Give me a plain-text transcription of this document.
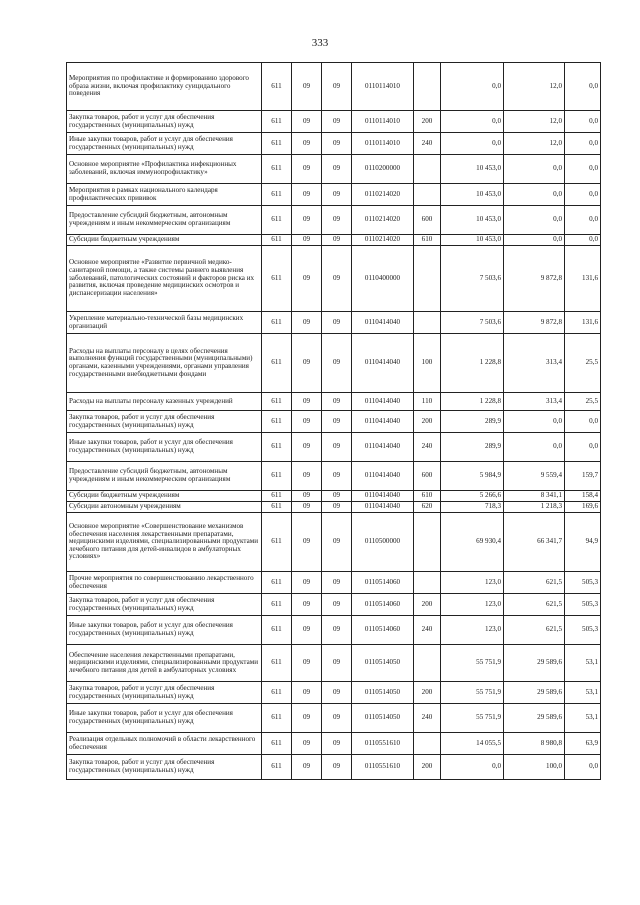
333
Мероприятия по профилактике и формированию здорового образа жизни, включая профилактику суицидального поведения	611	09	09	0110114010		0,0	12,0	0,0
Закупка товаров, работ и услуг для обеспечения государственных (муниципальных) нужд	611	09	09	0110114010	200	0,0	12,0	0,0
Иные закупки товаров, работ и услуг для обеспечения государственных (муниципальных) нужд	611	09	09	0110114010	240	0,0	12,0	0,0
Основное мероприятие «Профилактика инфекционных заболеваний, включая иммунопрофилактику»	611	09	09	0110200000		10 453,0	0,0	0,0
Мероприятия в рамках национального календаря профилактических прививок	611	09	09	0110214020		10 453,0	0,0	0,0
Предоставление субсидий бюджетным, автономным учреждениям и иным некоммерческим организациям	611	09	09	0110214020	600	10 453,0	0,0	0,0
Субсидии бюджетным учреждениям	611	09	09	0110214020	610	10 453,0	0,0	0,0
Основное мероприятие «Развитие первичной медико-санитарной помощи, а также системы раннего выявления заболеваний, патологических состояний и факторов риска их развития, включая проведение медицинских осмотров и диспансеризации населения»	611	09	09	0110400000		7 503,6	9 872,8	131,6
Укрепление материально-технической базы медицинских организаций	611	09	09	0110414040		7 503,6	9 872,8	131,6
Расходы на выплаты персоналу в целях обеспечения выполнения функций государственными (муниципальными) органами, казенными учреждениями, органами управления государственными внебюджетными фондами	611	09	09	0110414040	100	1 228,8	313,4	25,5
Расходы на выплаты персоналу казенных учреждений	611	09	09	0110414040	110	1 228,8	313,4	25,5
Закупка товаров, работ и услуг для обеспечения государственных (муниципальных) нужд	611	09	09	0110414040	200	289,9	0,0	0,0
Иные закупки товаров, работ и услуг для обеспечения государственных (муниципальных) нужд	611	09	09	0110414040	240	289,9	0,0	0,0
Предоставление субсидий бюджетным, автономным учреждениям и иным некоммерческим организациям	611	09	09	0110414040	600	5 984,9	9 559,4	159,7
Субсидии бюджетным учреждениям	611	09	09	0110414040	610	5 266,6	8 341,1	158,4
Субсидии автономным учреждениям	611	09	09	0110414040	620	718,3	1 218,3	169,6
Основное мероприятие «Совершенствование механизмов обеспечения населения лекарственными препаратами, медицинскими изделиями, специализированными продуктами лечебного питания для детей-инвалидов в амбулаторных условиях»	611	09	09	0110500000		69 930,4	66 341,7	94,9
Прочие мероприятия по совершенствованию лекарственного обеспечения	611	09	09	0110514060		123,0	621,5	505,3
Закупка товаров, работ и услуг для обеспечения государственных (муниципальных) нужд	611	09	09	0110514060	200	123,0	621,5	505,3
Иные закупки товаров, работ и услуг для обеспечения государственных (муниципальных) нужд	611	09	09	0110514060	240	123,0	621,5	505,3
Обеспечение населения лекарственными препаратами, медицинскими изделиями, специализированными продуктами лечебного питания для детей в амбулаторных условиях	611	09	09	0110514050		55 751,9	29 589,6	53,1
Закупка товаров, работ и услуг для обеспечения государственных (муниципальных) нужд	611	09	09	0110514050	200	55 751,9	29 589,6	53,1
Иные закупки товаров, работ и услуг для обеспечения государственных (муниципальных) нужд	611	09	09	0110514050	240	55 751,9	29 589,6	53,1
Реализация отдельных полномочий в области лекарственного обеспечения	611	09	09	0110551610		14 055,5	8 980,8	63,9
Закупка товаров, работ и услуг для обеспечения государственных (муниципальных) нужд	611	09	09	0110551610	200	0,0	100,0	0,0
